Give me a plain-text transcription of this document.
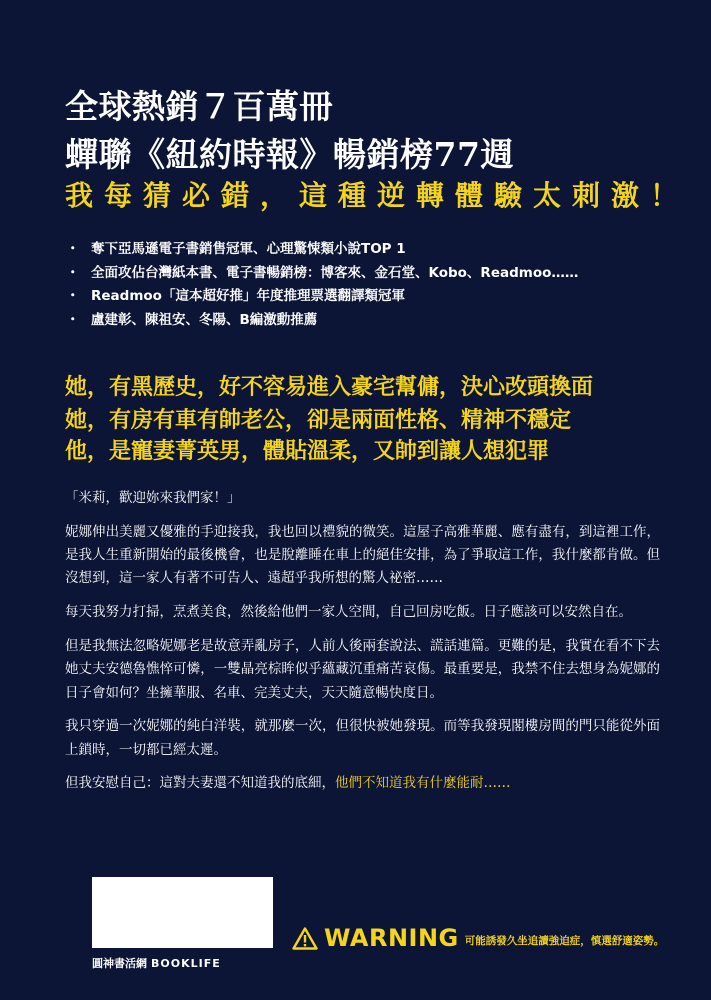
全球熱銷７百萬冊
蟬聯《紐約時報》暢銷榜77週
我每猜必錯，這種逆轉體驗太刺激！
・ 奪下亞馬遜電子書銷售冠軍、心理驚悚類小說TOP 1
・ 全面攻佔台灣紙本書、電子書暢銷榜：博客來、金石堂、Kobo、Readmoo……
・ Readmoo「這本超好推」年度推理票選翻譯類冠軍
・ 盧建彰、陳祖安、冬陽、B編激動推薦
她，有黑歷史，好不容易進入豪宅幫傭，決心改頭換面
她，有房有車有帥老公，卻是兩面性格、精神不穩定
他，是寵妻菁英男，體貼溫柔，又帥到讓人想犯罪

「米莉，歡迎妳來我們家！」

妮娜伸出美麗又優雅的手迎接我，我也回以禮貌的微笑。這屋子高雅華麗、應有盡有，到這裡工作，是我人生重新開始的最後機會，也是脫離睡在車上的絕佳安排，為了爭取這工作，我什麼都肯做。但沒想到，這一家人有著不可告人、遠超乎我所想的驚人祕密……

每天我努力打掃，烹煮美食，然後給他們一家人空間，自己回房吃飯。日子應該可以安然自在。

但是我無法忽略妮娜老是故意弄亂房子，人前人後兩套說法、謊話連篇。更難的是，我實在看不下去她丈夫安德魯憔悴可憐，一雙晶亮棕眸似乎蘊藏沉重痛苦哀傷。最重要是，我禁不住去想身為妮娜的日子會如何？坐擁華服、名車、完美丈夫，天天隨意暢快度日。

我只穿過一次妮娜的純白洋裝，就那麼一次，但很快被她發現。而等我發現閣樓房間的門只能從外面上鎖時，一切都已經太遲。

但我安慰自己：這對夫妻還不知道我的底細，他們不知道我有什麼能耐……

圓神書活網 BOOKLIFE
WARNING 可能誘發久坐追讀強迫症，慎選舒適姿勢。
